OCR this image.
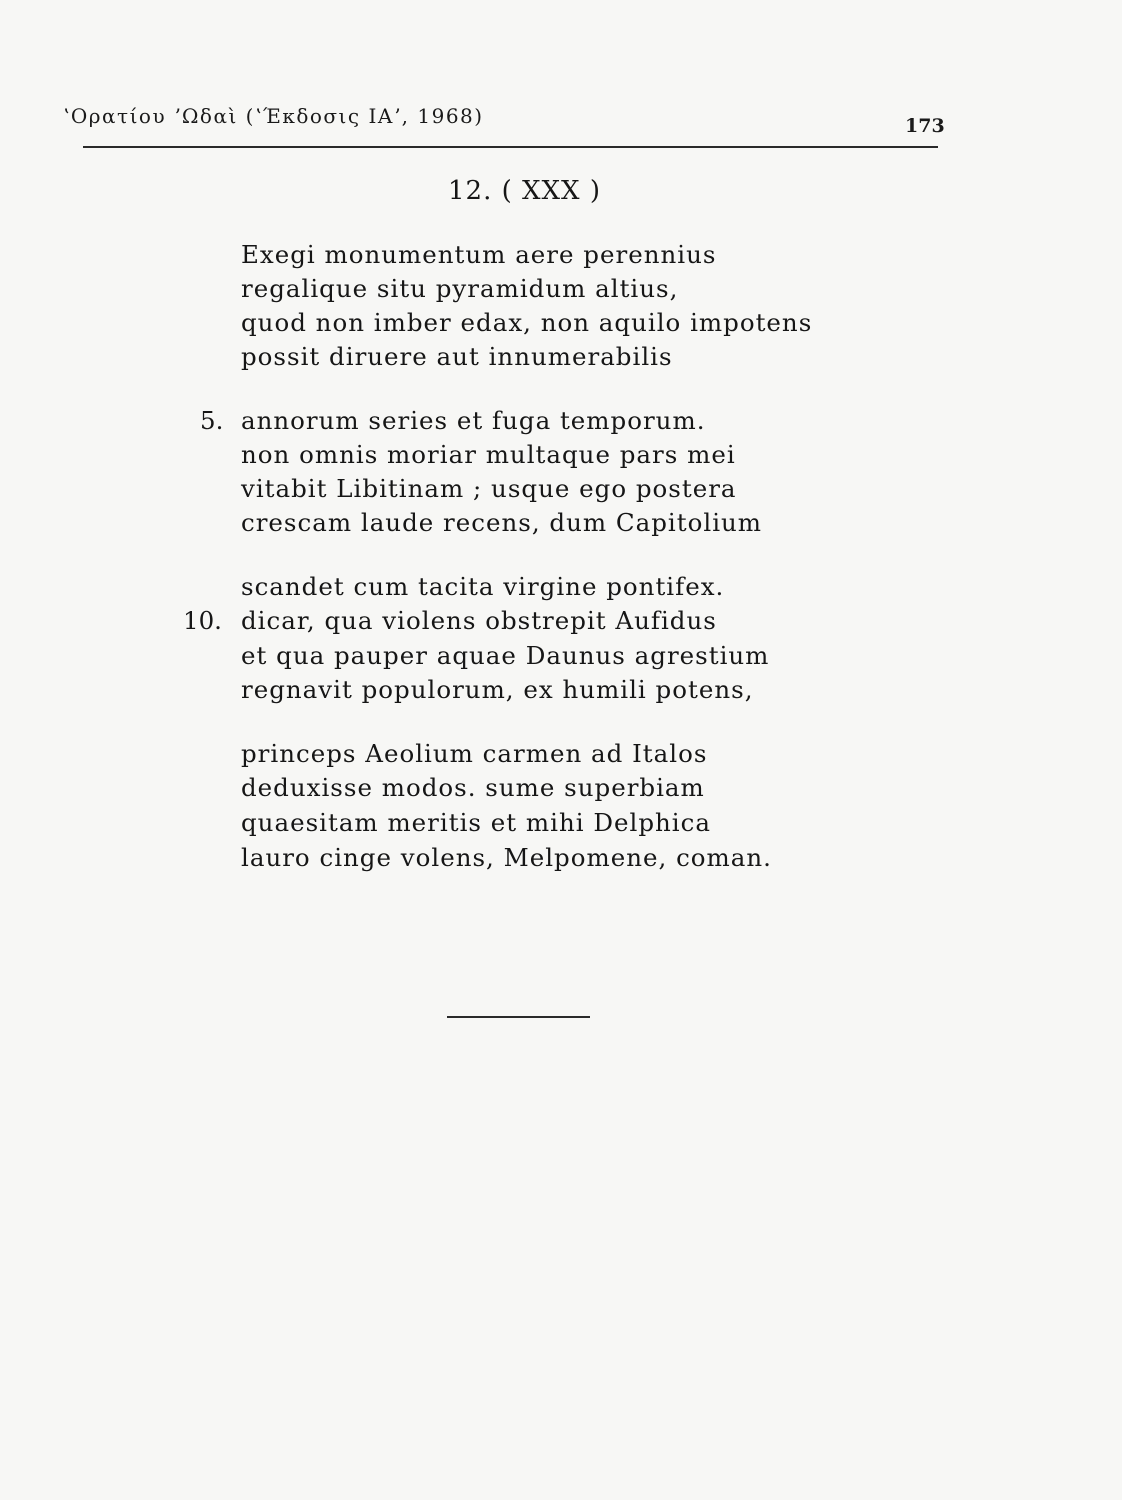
ʽΟρατίου ʼΩδαὶ (ʽΈκδοσις ΙΑʼ, 1968)	173
12. ( XXX )
Exegi monumentum aere perennius
regalique situ pyramidum altius,
quod non imber edax, non aquilo impotens
possit diruere aut innumerabilis
5. annorum series et fuga temporum.
non omnis moriar multaque pars mei
vitabit Libitinam ; usque ego postera
crescam laude recens, dum Capitolium
scandet cum tacita virgine pontifex.
10. dicar, qua violens obstrepit Aufidus
et qua pauper aquae Daunus agrestium
regnavit populorum, ex humili potens,
princeps Aeolium carmen ad Italos
deduxisse modos. sume superbiam
quaesitam meritis et mihi Delphica
lauro cinge volens, Melpomene, coman.
